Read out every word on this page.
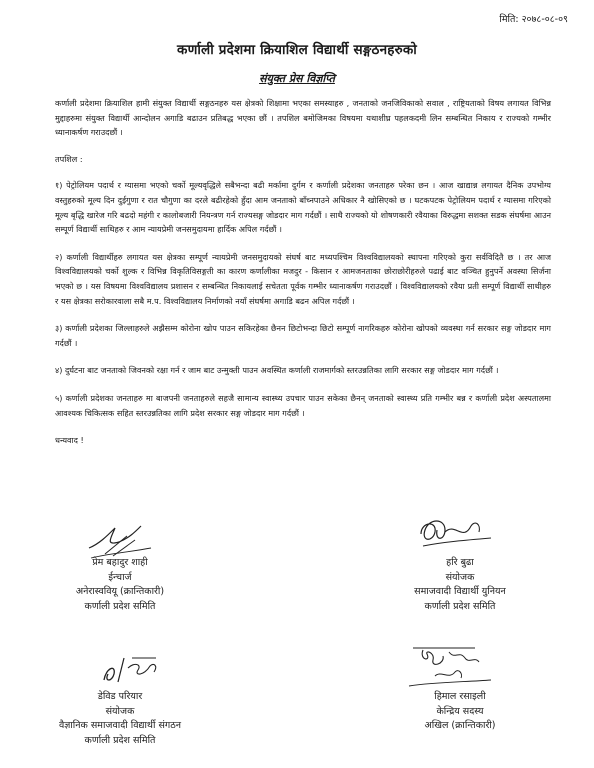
मिति: २०७८-०८-०९
कर्णाली प्रदेशमा क्रियाशिल विद्यार्थी सङ्गठनहरुको
संयुक्त प्रेस विज्ञप्ति

कर्णाली प्रदेशमा क्रियाशिल हामी संयुक्त विद्यार्थी सङ्गठनहरु यस क्षेत्रको शिक्षामा भएका समस्याहरु , जनताको जनजिविकाको सवाल , राष्ट्रियताको विषय लगायत विभिन्न मुद्दाहरुमा संयुक्त विद्यार्थी आन्दोलन अगाडि बढाउन प्रतिबद्ध भएका छौं । तपशिल बमोजिमका विषयमा यथाशीघ्र पहलकदमी लिन सम्बन्धित निकाय र राज्यको गम्भीर ध्यानाकर्षण गराउदछौं ।

तपशिल :

१) पेट्रोलियम पदार्थ र ग्यासमा भएको चर्को मूल्यवृद्धिले सबैभन्दा बढी मर्कामा दुर्गम र कर्णाली प्रदेशका जनताहरु परेका छन । आज खाद्यान्न लगायत दैनिक उपभोग्य वस्तुहरुको मूल्य दिन दुईगुणा र रात चौगुणा का दरले बढीरहेको हुँदा आम जनताको बाँच्नपाउने अधिकार नै खोसिएको छ । घटकपटक पेट्रोलियम पदार्थ र ग्यासमा गरिएको मूल्य बृद्धि खारेज गरि बढदो महंगी र कालोबजारी नियन्त्रण गर्न राज्यसङ्ग जोडदार माग गर्दछौं । साथै राज्यको यो शोषणकारी रवैयाका विरुद्धमा सशक्त सडक संघर्षमा आउन सम्पूर्ण विद्यार्थी साथिहरु र आम न्यायप्रेमी जनसमुदायमा हार्दिक अपिल गर्दछौं ।

२) कर्णाली विद्यार्थीहरु लगायत यस क्षेत्रका सम्पूर्ण न्यायप्रेमी जनसमुदायको संघर्ष बाट मध्यपश्चिम विश्वविद्यालयको स्थापना गरिएको कुरा सर्वविदितै छ । तर आज विश्वविद्यालयको चर्को शुल्क र विभिन्न विकृतिविसङ्गती का कारण कर्णालीका मजदुर - किसान र आमजनताका छोराछोरीहरुले पढाई बाट वञ्चित हुनुपर्ने अवस्था सिर्जना भएको छ । यस विषयमा विश्वविद्यालय प्रशासन र सम्बन्धित निकायलाई सचेतता पूर्वक गम्भीर ध्यानाकर्षण गराउदछौं । विश्वविद्यालयको रवैया प्रती सम्पूर्ण विद्यार्थी साथीहरु र यस क्षेत्रका सरोकारवाला सबै म.प. विश्वविद्यालय निर्माणको नयाँ संघर्षमा अगाडि बढन अपिल गर्दछौं ।

३) कर्णाली प्रदेशका जिल्लाहरुले अझैसम्म कोरोना खोप पाउन सकिरहेका छैनन छिटोभन्दा छिटो सम्पूर्ण नागरिकहरु कोरोना खोपको व्यवस्था गर्न सरकार सङ्ग जोडदार माग गर्दछौं ।

४) दुर्घटना बाट जनताको जिवनको रक्षा गर्न र जाम बाट उन्मुक्ती पाउन अवस्थित कर्णाली राजमार्गको स्तरउन्नतिका लागि सरकार सङ्ग जोडदार माग गर्दछौं ।

५) कर्णाली प्रदेशका जनताहरु मा बाजपनी जनताहरुले सहजै सामान्य स्वास्थ्य उपचार पाउन सकेका छैनन् जनताको स्वास्थ्य प्रति गम्भीर बन्न र कर्णाली प्रदेश अस्पतालमा आवश्यक चिकित्सक सहित स्तरउन्नतिका लागि प्रदेश सरकार सङ्ग जोडदार माग गर्दछौं ।

धन्यवाद !

प्रेम बहादुर शाही
ईन्चार्ज
अनेरास्ववियू (क्रान्तिकारी)
कर्णाली प्रदेश समिति
हरि बुढा
संयोजक
समाजवादी विद्यार्थी युनियन
कर्णाली प्रदेश समिति
डेविड परियार
संयोजक
वैज्ञानिक समाजवादी विद्यार्थी संगठन
कर्णाली प्रदेश समिति
हिमाल रसाइली
केन्द्रिय सदस्य
अखिल (क्रान्तिकारी)
